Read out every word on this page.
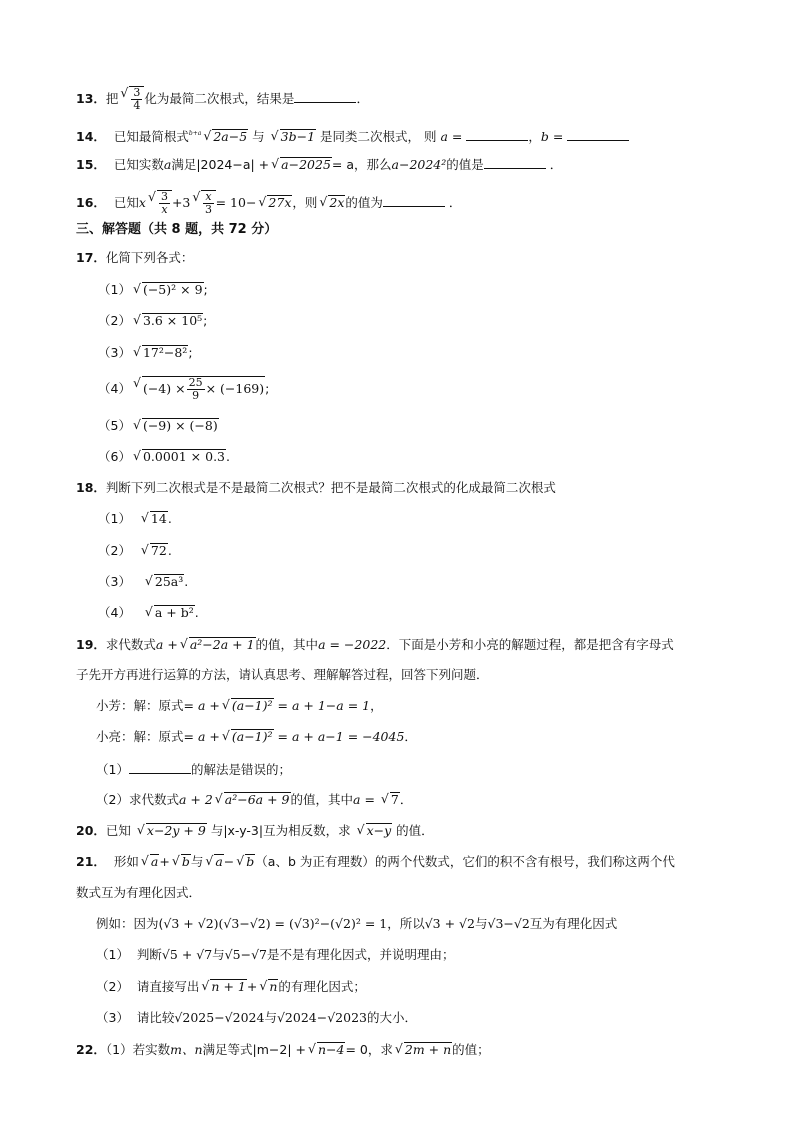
13．把
√ $\frac{3}{4}$ 化为最简二次根式，结果是	．
14． 已知最简根式$^{b+a}$√ 2a−5 与 √ 3b−1 是同类二次根式， 则 a =	，b =
15． 已知实数a满足|2024−a| +√ a−2025= a，那么a−2024²的值是	．
16． 已知x
√ $\frac{3}{x} +3$
√ $\frac{x}{3} = 10-√$ 27x，则√ 2x的值为	．
三、解答题（共 8 题，共 72 分）
17．化简下列各式：
（1）√ (−5)² × 9;
（2）√ 3.6 × 10⁵;
（3）√ 17²−8²;
（4）√ $(-4) \times \frac{25}{9} \times (-169)$;
（5）√ (−9) × (−8)
（6）√ 0.0001 × 0.3.
18．判断下列二次根式是不是最简二次根式？把不是最简二次根式的化成最简二次根式
（1）  √ 14.
（2）  √ 72.
（3）   √ 25a³.
（4）   √ a + b².
19．求代数式a +√ a²−2a + 1的值，其中a = −2022．下面是小芳和小亮的解题过程，都是把含有字母式
子先开方再进行运算的方法，请认真思考、理解解答过程，回答下列问题．
小芳：解：原式= a +√ (a−1)² = a + 1−a = 1，
小亮：解：原式= a +√ (a−1)² = a + a−1 = −4045．
（1）	的解法是错误的；
（2）求代数式a + 2√ a²−6a + 9的值，其中a = √ 7．
20．已知 √ x−2y + 9 与|x-y-3|互为相反数，求 √ x−y 的值．
21． 形如√ a+√ b与√ a−√ b（a、b 为正有理数）的两个代数式，它们的积不含有根号，我们称这两个代
数式互为有理化因式．
例如：因为(√3 + √2)(√3−√2) = (√3)²−(√2)² = 1，所以√3 + √2与√3−√2互为有理化因式
（1） 判断√5 + √7与√5−√7是不是有理化因式，并说明理由；
（2） 请直接写出√ n + 1+√ n的有理化因式；
（3） 请比较√2025−√2024与√2024−√2023的大小．
22．（1）若实数m、n满足等式|m−2| +√ n−4= 0，求√ 2m + n的值；
